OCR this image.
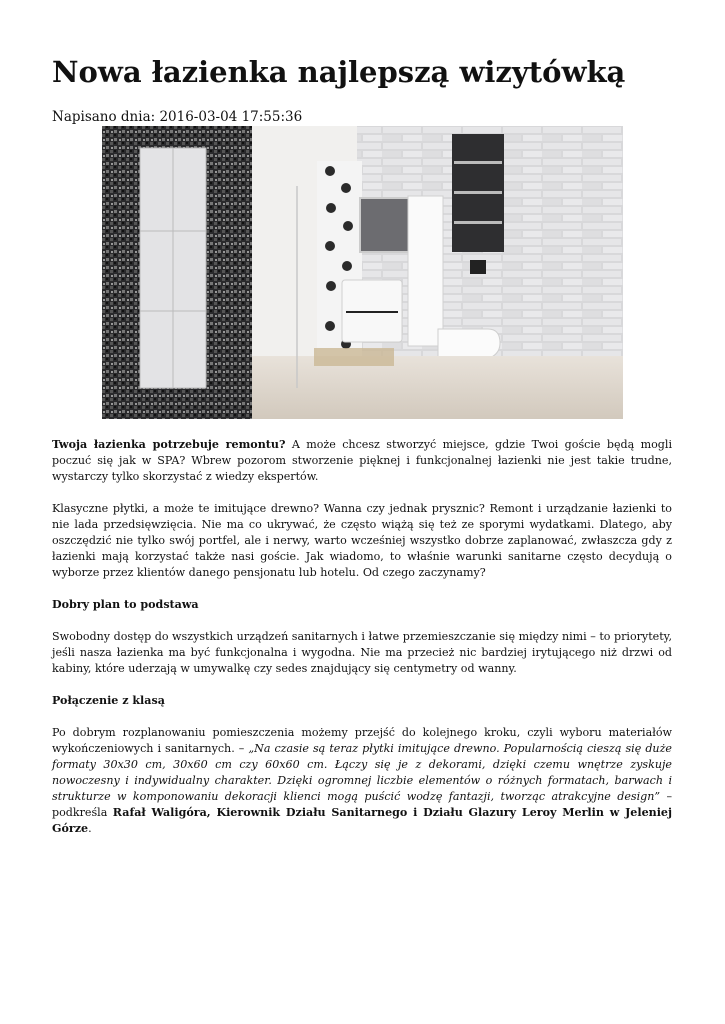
Nowa łazienka najlepszą wizytówką
Napisano dnia: 2016-03-04 17:55:36

Twoja łazienka potrzebuje remontu? A może chcesz stworzyć miejsce, gdzie Twoi goście będą mogli poczuć się jak w SPA? Wbrew pozorom stworzenie pięknej i funkcjonalnej łazienki nie jest takie trudne, wystarczy tylko skorzystać z wiedzy ekspertów.

Klasyczne płytki, a może te imitujące drewno? Wanna czy jednak prysznic? Remont i urządzanie łazienki to nie lada przedsięwzięcia. Nie ma co ukrywać, że często wiążą się też ze sporymi wydatkami. Dlatego, aby oszczędzić nie tylko swój portfel, ale i nerwy, warto wcześniej wszystko dobrze zaplanować, zwłaszcza gdy z łazienki mają korzystać także nasi goście. Jak wiadomo, to właśnie warunki sanitarne często decydują o wyborze przez klientów danego pensjonatu lub hotelu. Od czego zaczynamy?

Dobry plan to podstawa

Swobodny dostęp do wszystkich urządzeń sanitarnych i łatwe przemieszczanie się między nimi – to priorytety, jeśli nasza łazienka ma być funkcjonalna i wygodna. Nie ma przecież nic bardziej irytującego niż drzwi od kabiny, które uderzają w umywalkę czy sedes znajdujący się centymetry od wanny.

Połączenie z klasą

Po dobrym rozplanowaniu pomieszczenia możemy przejść do kolejnego kroku, czyli wyboru materiałów wykończeniowych i sanitarnych. – „Na czasie są teraz płytki imitujące drewno. Popularnością cieszą się duże formaty 30x30 cm, 30x60 cm czy 60x60 cm. Łączy się je z dekorami, dzięki czemu wnętrze zyskuje nowoczesny i indywidualny charakter. Dzięki ogromnej liczbie elementów o różnych formatach, barwach i strukturze w komponowaniu dekoracji klienci mogą puścić wodzę fantazji, tworząc atrakcyjne design” – podkreśla Rafał Waligóra, Kierownik Działu Sanitarnego i Działu Glazury Leroy Merlin w Jeleniej Górze.
